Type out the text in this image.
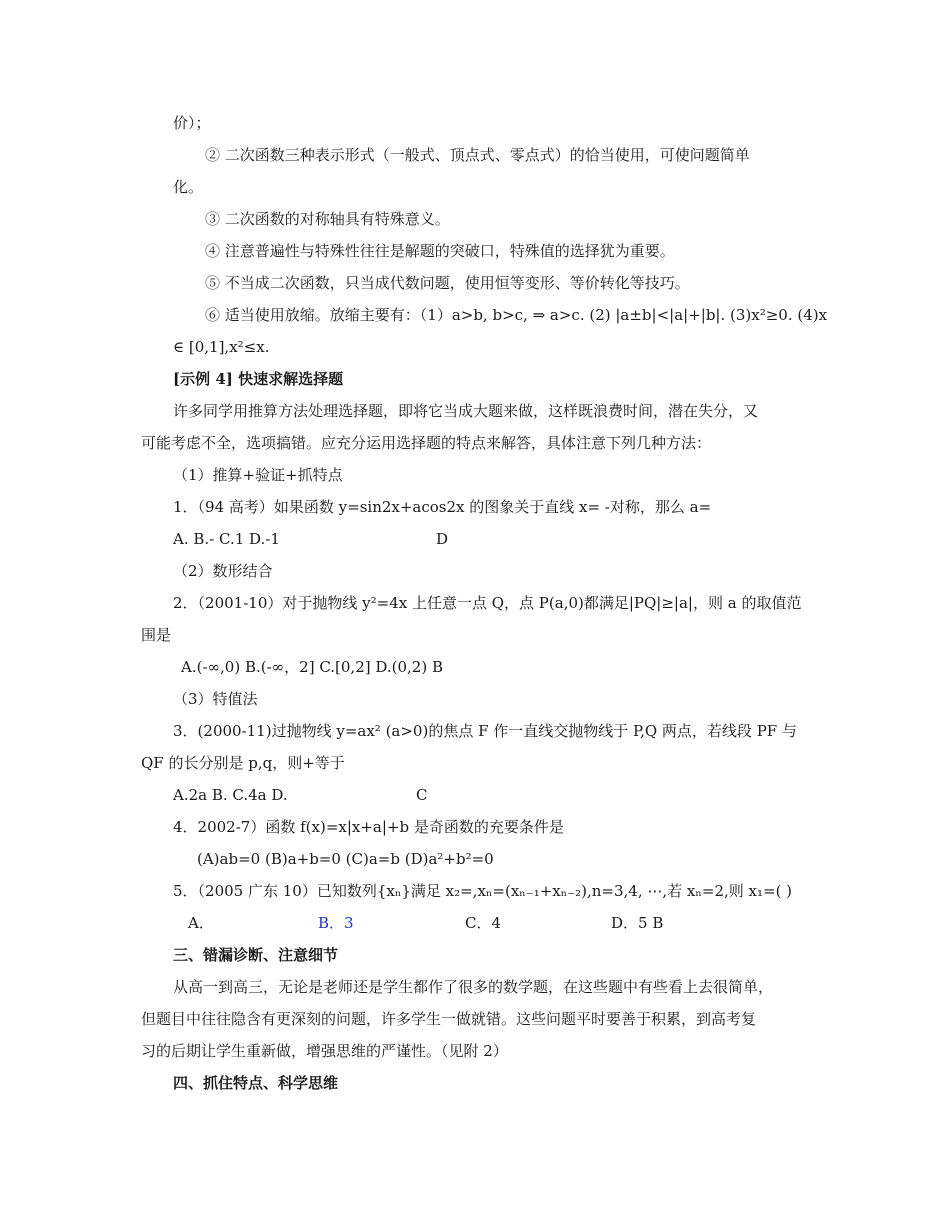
价）；
② 二次函数三种表示形式（一般式、顶点式、零点式）的恰当使用，可使问题简单
化。
③ 二次函数的对称轴具有特殊意义。
④ 注意普遍性与特殊性往往是解题的突破口，特殊值的选择犹为重要。
⑤ 不当成二次函数，只当成代数问题，使用恒等变形、等价转化等技巧。
⑥ 适当使用放缩。放缩主要有：（1）a>b, b>c, ⇒ a>c. (2) |a±b|<|a|+|b|. (3)x²≥0. (4)x
∈ [0,1],x²≤x.
[示例 4] 快速求解选择题
许多同学用推算方法处理选择题，即将它当成大题来做，这样既浪费时间，潜在失分，又
可能考虑不全，选项搞错。应充分运用选择题的特点来解答，具体注意下列几种方法：
（1）推算+验证+抓特点
1．（94 高考）如果函数 y=sin2x+acos2x 的图象关于直线 x= -对称，那么 a=
A. B.- C.1 D.-1	D
（2）数形结合
2．（2001-10）对于抛物线 y²=4x 上任意一点 Q，点 P(a,0)都满足|PQ|≥|a|，则 a 的取值范
围是
A.(-∞,0) B.(-∞，2] C.[0,2] D.(0,2) B
（3）特值法
3．(2000-11)过抛物线 y=ax² (a>0)的焦点 F 作一直线交抛物线于 P,Q 两点，若线段 PF 与
QF 的长分别是 p,q，则+等于
A.2a B. C.4a D.	C
4．2002-7）函数 f(x)=x|x+a|+b 是奇函数的充要条件是
(A)ab=0 (B)a+b=0 (C)a=b (D)a²+b²=0
5．（2005 广东 10）已知数列{xₙ}满足 x₂=,xₙ=(xₙ₋₁+xₙ₋₂),n=3,4, ⋯,若 xₙ=2,则 x₁=( )
A．	B．3	C．4	D．5 B
三、错漏诊断、注意细节
从高一到高三，无论是老师还是学生都作了很多的数学题，在这些题中有些看上去很简单，
但题目中往往隐含有更深刻的问题，许多学生一做就错。这些问题平时要善于积累，到高考复
习的后期让学生重新做，增强思维的严谨性。（见附 2）
四、抓住特点、科学思维
